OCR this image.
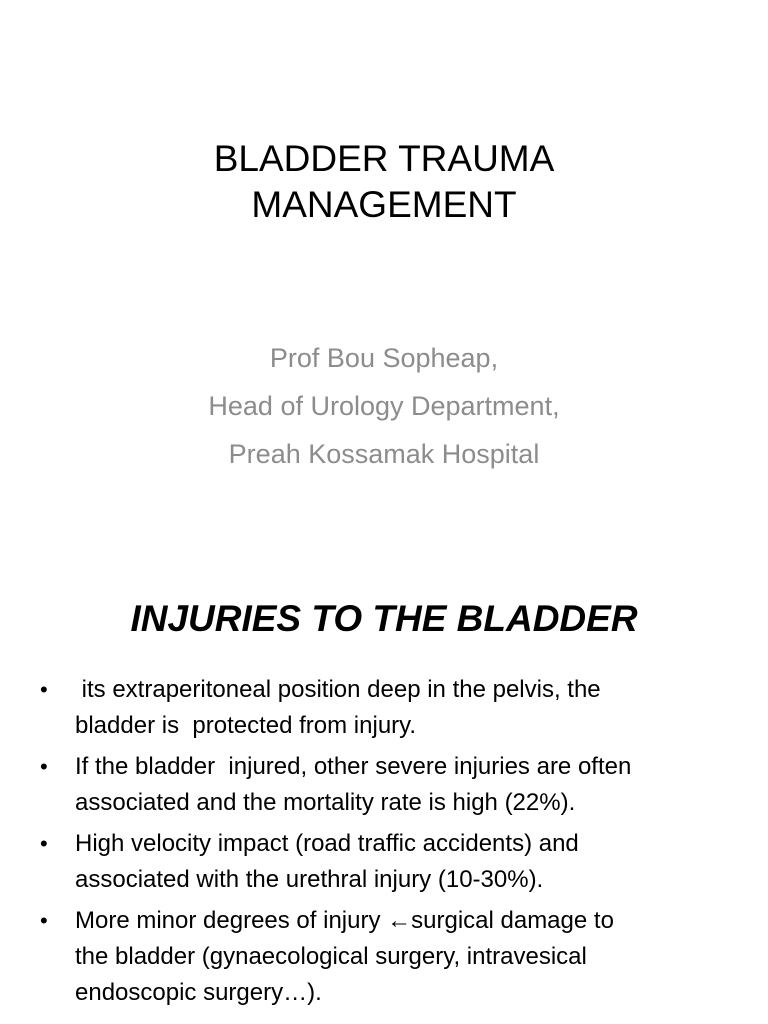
BLADDER TRAUMA
MANAGEMENT
Prof Bou Sopheap,
Head of Urology Department,
Preah Kossamak Hospital
INJURIES TO THE BLADDER
• its extraperitoneal position deep in the pelvis, the
bladder is  protected from injury.
• If the bladder  injured, other severe injuries are often
associated and the mortality rate is high (22%).
• High velocity impact (road traffic accidents) and
associated with the urethral injury (10-30%).
• More minor degrees of injury ←surgical damage to
the bladder (gynaecological surgery, intravesical
endoscopic surgery…).
